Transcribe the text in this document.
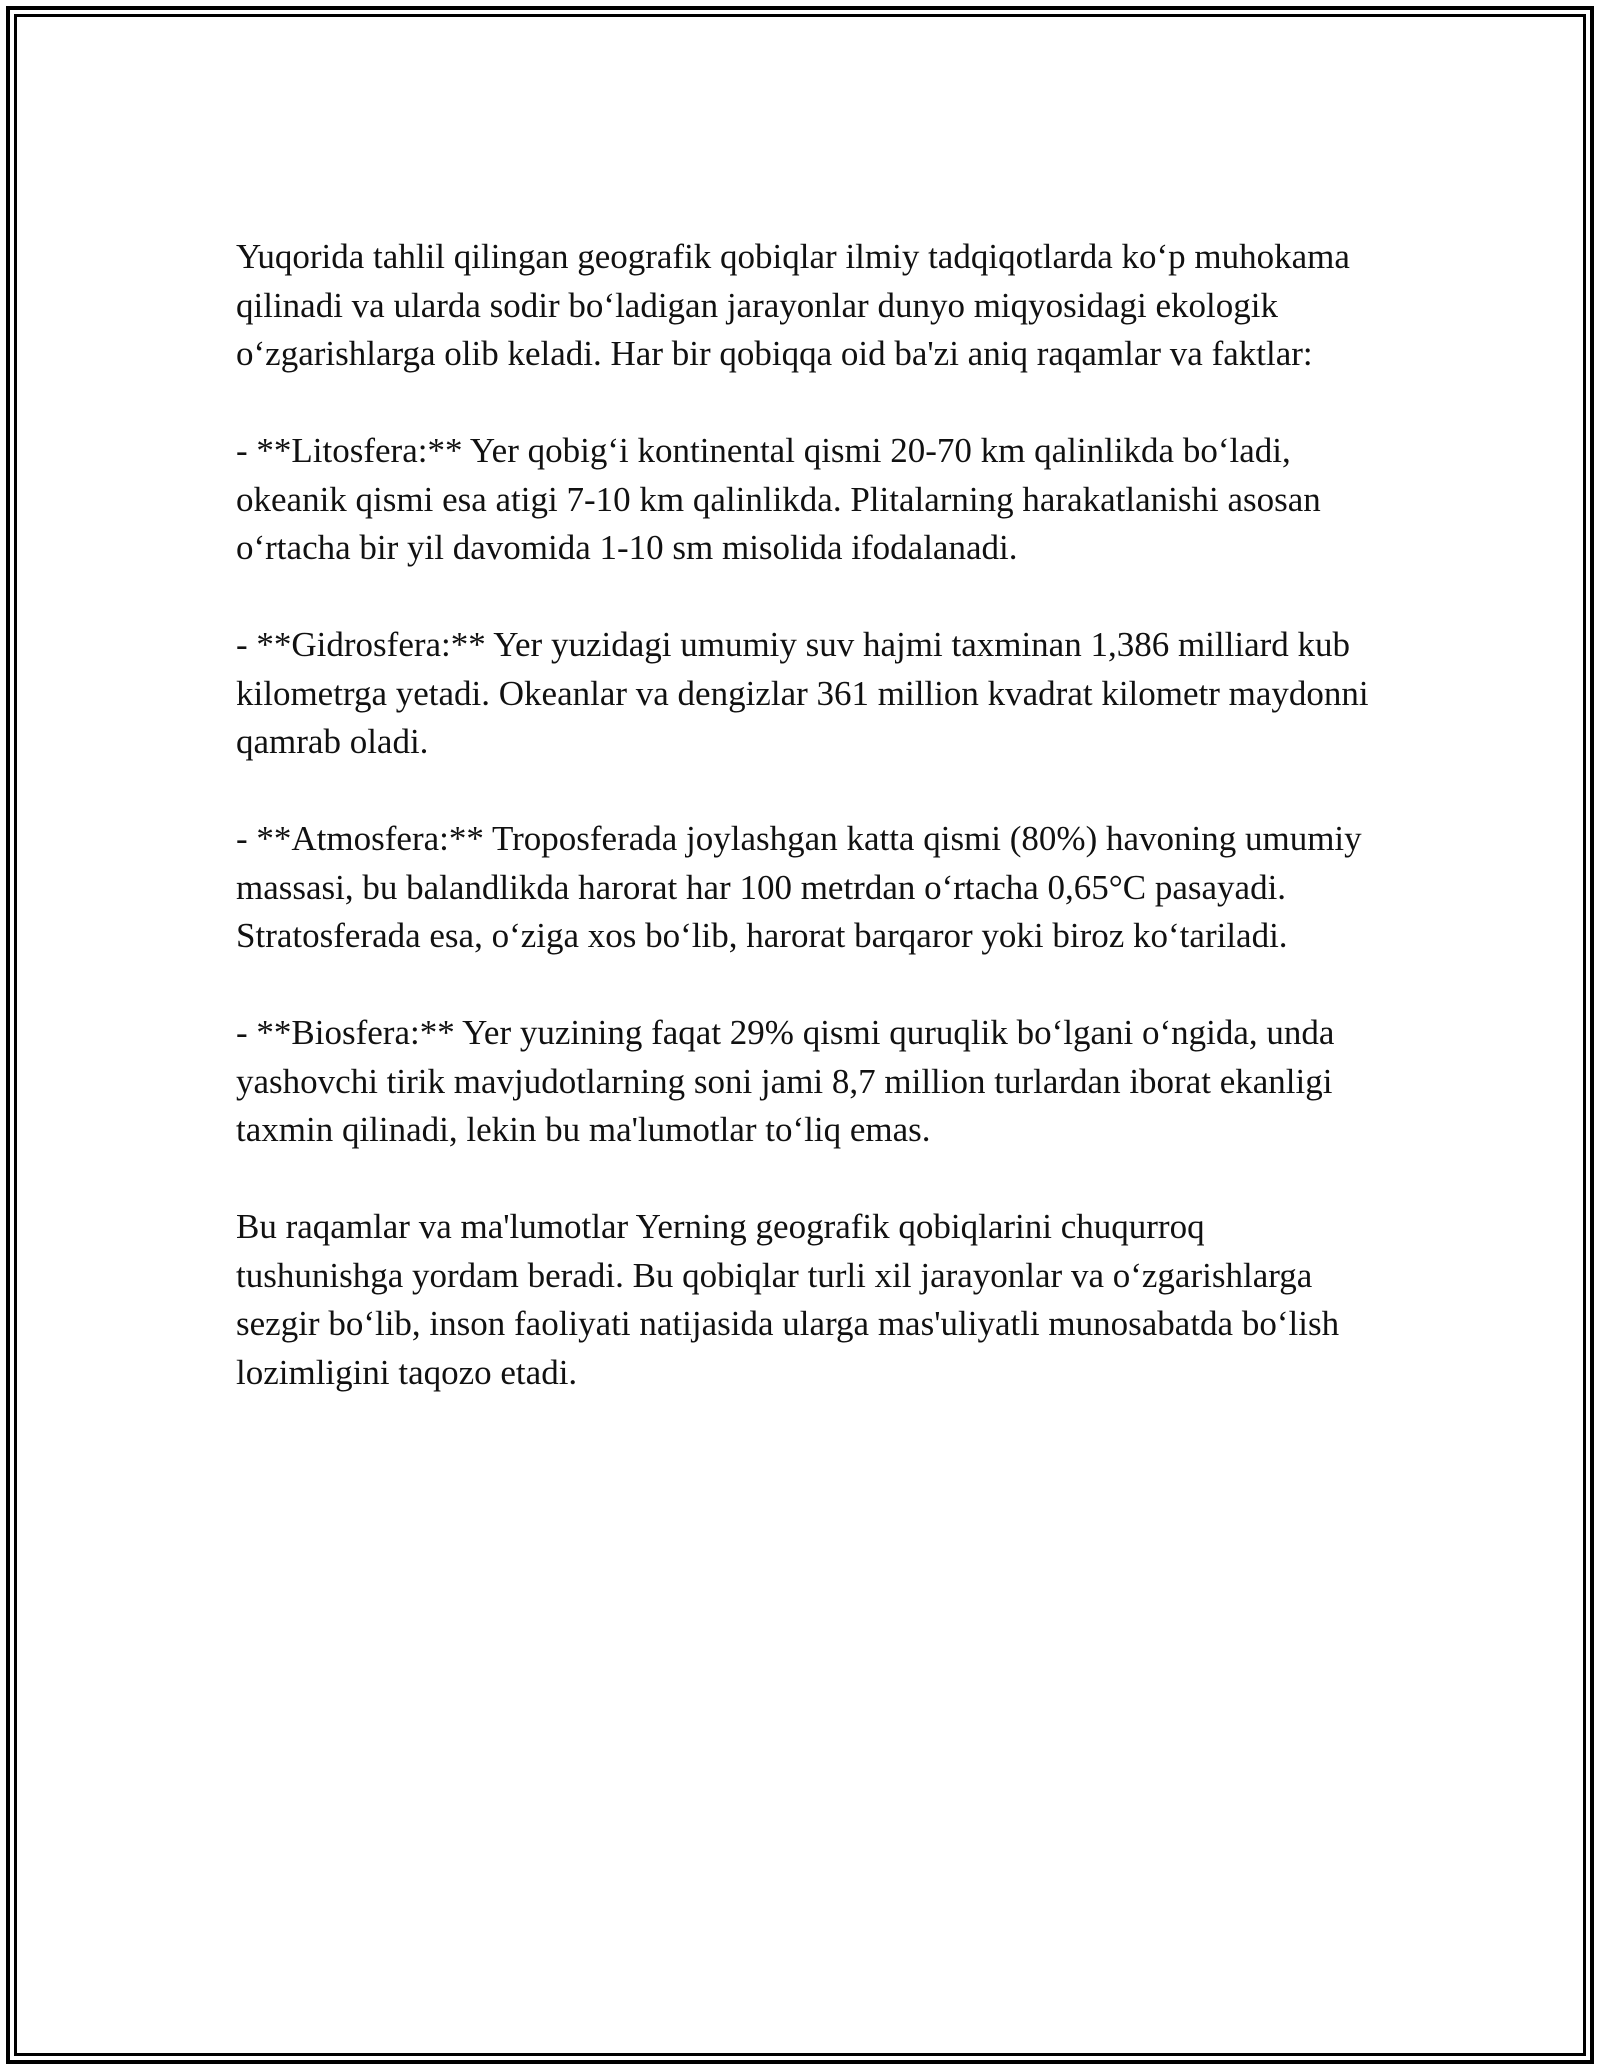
Yuqorida tahlil qilingan geografik qobiqlar ilmiy tadqiqotlarda ko‘p muhokama qilinadi va ularda sodir bo‘ladigan jarayonlar dunyo miqyosidagi ekologik o‘zgarishlarga olib keladi. Har bir qobiqqa oid ba'zi aniq raqamlar va faktlar:

- **Litosfera:** Yer qobig‘i kontinental qismi 20-70 km qalinlikda bo‘ladi, okeanik qismi esa atigi 7-10 km qalinlikda. Plitalarning harakatlanishi asosan o‘rtacha bir yil davomida 1-10 sm misolida ifodalanadi.

- **Gidrosfera:** Yer yuzidagi umumiy suv hajmi taxminan 1,386 milliard kub kilometrga yetadi. Okeanlar va dengizlar 361 million kvadrat kilometr maydonni qamrab oladi.

- **Atmosfera:** Troposferada joylashgan katta qismi (80%) havoning umumiy massasi, bu balandlikda harorat har 100 metrdan o‘rtacha 0,65°C pasayadi. Stratosferada esa, o‘ziga xos bo‘lib, harorat barqaror yoki biroz ko‘tariladi.

- **Biosfera:** Yer yuzining faqat 29% qismi quruqlik bo‘lgani o‘ngida, unda yashovchi tirik mavjudotlarning soni jami 8,7 million turlardan iborat ekanligi taxmin qilinadi, lekin bu ma'lumotlar to‘liq emas.

Bu raqamlar va ma'lumotlar Yerning geografik qobiqlarini chuqurroq tushunishga yordam beradi. Bu qobiqlar turli xil jarayonlar va o‘zgarishlarga sezgir bo‘lib, inson faoliyati natijasida ularga mas'uliyatli munosabatda bo‘lish lozimligini taqozo etadi.
